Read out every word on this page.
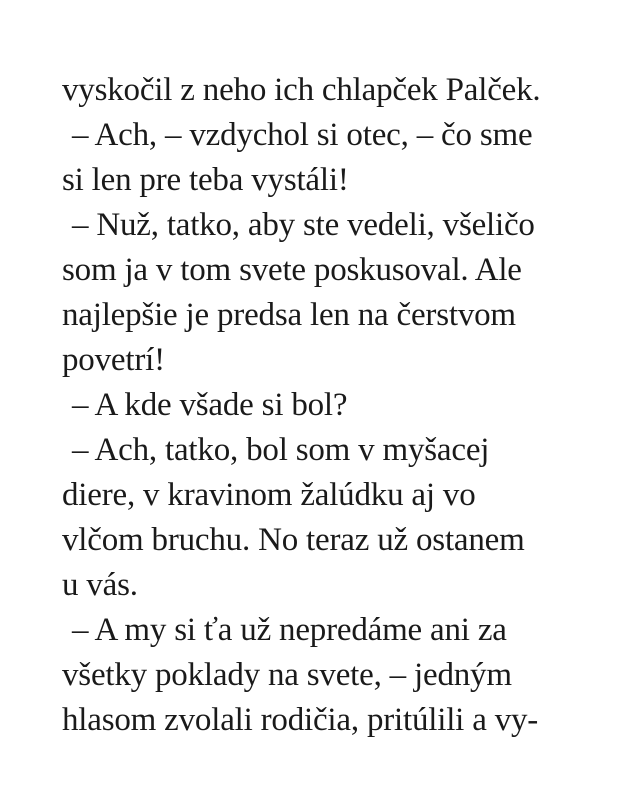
vyskočil z neho ich chlapček Palček.
– Ach, – vzdychol si otec, – čo sme
si len pre teba vystáli!
– Nuž, tatko, aby ste vedeli, všeličo
som ja v tom svete poskusoval. Ale
najlepšie je predsa len na čerstvom
povetrí!
– A kde všade si bol?
– Ach, tatko, bol som v myšacej
diere, v kravinom žalúdku aj vo
vlčom bruchu. No teraz už ostanem
u vás.
– A my si ťa už nepredáme ani za
všetky poklady na svete, – jedným
hlasom zvolali rodičia, pritúlili a vy-
